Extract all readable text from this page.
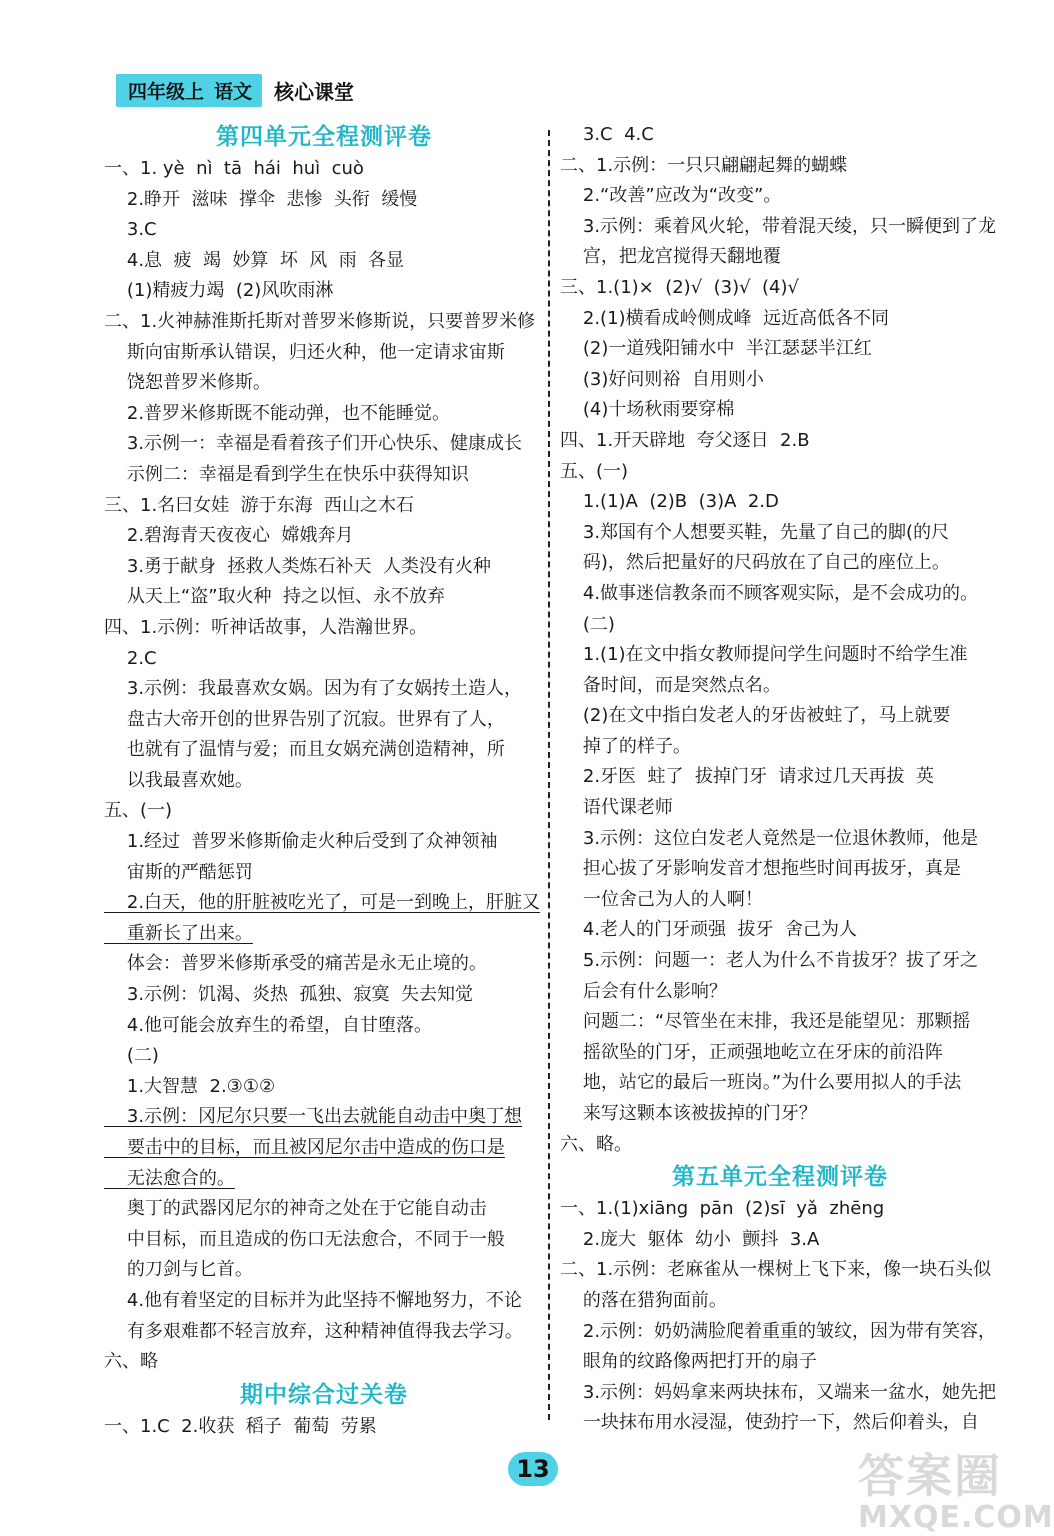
四年级上 语文 核心课堂
第四单元全程测评卷
一、1. yè  nì  tā  hái  huì  cuò
2.睁开  滋味  撑伞  悲惨  头衔  缓慢
3.C
4.息  疲  竭  妙算  坏  风  雨  各显
(1)精疲力竭  (2)风吹雨淋
二、1.火神赫淮斯托斯对普罗米修斯说，只要普罗米修
斯向宙斯承认错误，归还火种，他一定请求宙斯
饶恕普罗米修斯。
2.普罗米修斯既不能动弹，也不能睡觉。
3.示例一：幸福是看着孩子们开心快乐、健康成长
示例二：幸福是看到学生在快乐中获得知识
三、1.名曰女娃  游于东海  西山之木石
2.碧海青天夜夜心  嫦娥奔月
3.勇于献身  拯救人类炼石补天  人类没有火种
从天上“盗”取火种  持之以恒、永不放弃
四、1.示例：听神话故事，人浩瀚世界。
2.C
3.示例：我最喜欢女娲。因为有了女娲抟土造人，
盘古大帝开创的世界告别了沉寂。世界有了人，
也就有了温情与爱；而且女娲充满创造精神，所
以我最喜欢她。
五、(一)
1.经过  普罗米修斯偷走火种后受到了众神领袖
宙斯的严酷惩罚
2.白天，他的肝脏被吃光了，可是一到晚上，肝脏又
重新长了出来。
体会：普罗米修斯承受的痛苦是永无止境的。
3.示例：饥渴、炎热  孤独、寂寞  失去知觉
4.他可能会放弃生的希望，自甘堕落。
(二)
1.大智慧  2.③①②
3.示例：冈尼尔只要一飞出去就能自动击中奥丁想
要击中的目标，而且被冈尼尔击中造成的伤口是
无法愈合的。
奥丁的武器冈尼尔的神奇之处在于它能自动击
中目标，而且造成的伤口无法愈合，不同于一般
的刀剑与匕首。
4.他有着坚定的目标并为此坚持不懈地努力，不论
有多艰难都不轻言放弃，这种精神值得我去学习。
六、略
期中综合过关卷
一、1.C  2.收获  稻子  葡萄  劳累
3.C  4.C
二、1.示例：一只只翩翩起舞的蝴蝶
2.“改善”应改为“改变”。
3.示例：乘着风火轮，带着混天绫，只一瞬便到了龙
宫，把龙宫搅得天翻地覆
三、1.(1)×  (2)√  (3)√  (4)√
2.(1)横看成岭侧成峰  远近高低各不同
(2)一道残阳铺水中  半江瑟瑟半江红
(3)好问则裕  自用则小
(4)十场秋雨要穿棉
四、1.开天辟地  夸父逐日  2.B
五、(一)
1.(1)A  (2)B  (3)A  2.D
3.郑国有个人想要买鞋，先量了自己的脚(的尺
码)，然后把量好的尺码放在了自己的座位上。
4.做事迷信教条而不顾客观实际，是不会成功的。
(二)
1.(1)在文中指女教师提问学生问题时不给学生准
备时间，而是突然点名。
(2)在文中指白发老人的牙齿被蛀了，马上就要
掉了的样子。
2.牙医  蛀了  拔掉门牙  请求过几天再拔  英
语代课老师
3.示例：这位白发老人竟然是一位退休教师，他是
担心拔了牙影响发音才想拖些时间再拔牙，真是
一位舍己为人的人啊！
4.老人的门牙顽强  拔牙  舍己为人
5.示例：问题一：老人为什么不肯拔牙？拔了牙之
后会有什么影响？
问题二：“尽管坐在末排，我还是能望见：那颗摇
摇欲坠的门牙，正顽强地屹立在牙床的前沿阵
地，站它的最后一班岗。”为什么要用拟人的手法
来写这颗本该被拔掉的门牙？
六、略。
第五单元全程测评卷
一、1.(1)xiāng  pān  (2)sī  yǎ  zhēng
2.庞大  躯体  幼小  颤抖  3.A
二、1.示例：老麻雀从一棵树上飞下来，像一块石头似
的落在猎狗面前。
2.示例：奶奶满脸爬着重重的皱纹，因为带有笑容，
眼角的纹路像两把打开的扇子
3.示例：妈妈拿来两块抹布，又端来一盆水，她先把
一块抹布用水浸湿，使劲拧一下，然后仰着头，自
13	答案圈
MXQE.COM
